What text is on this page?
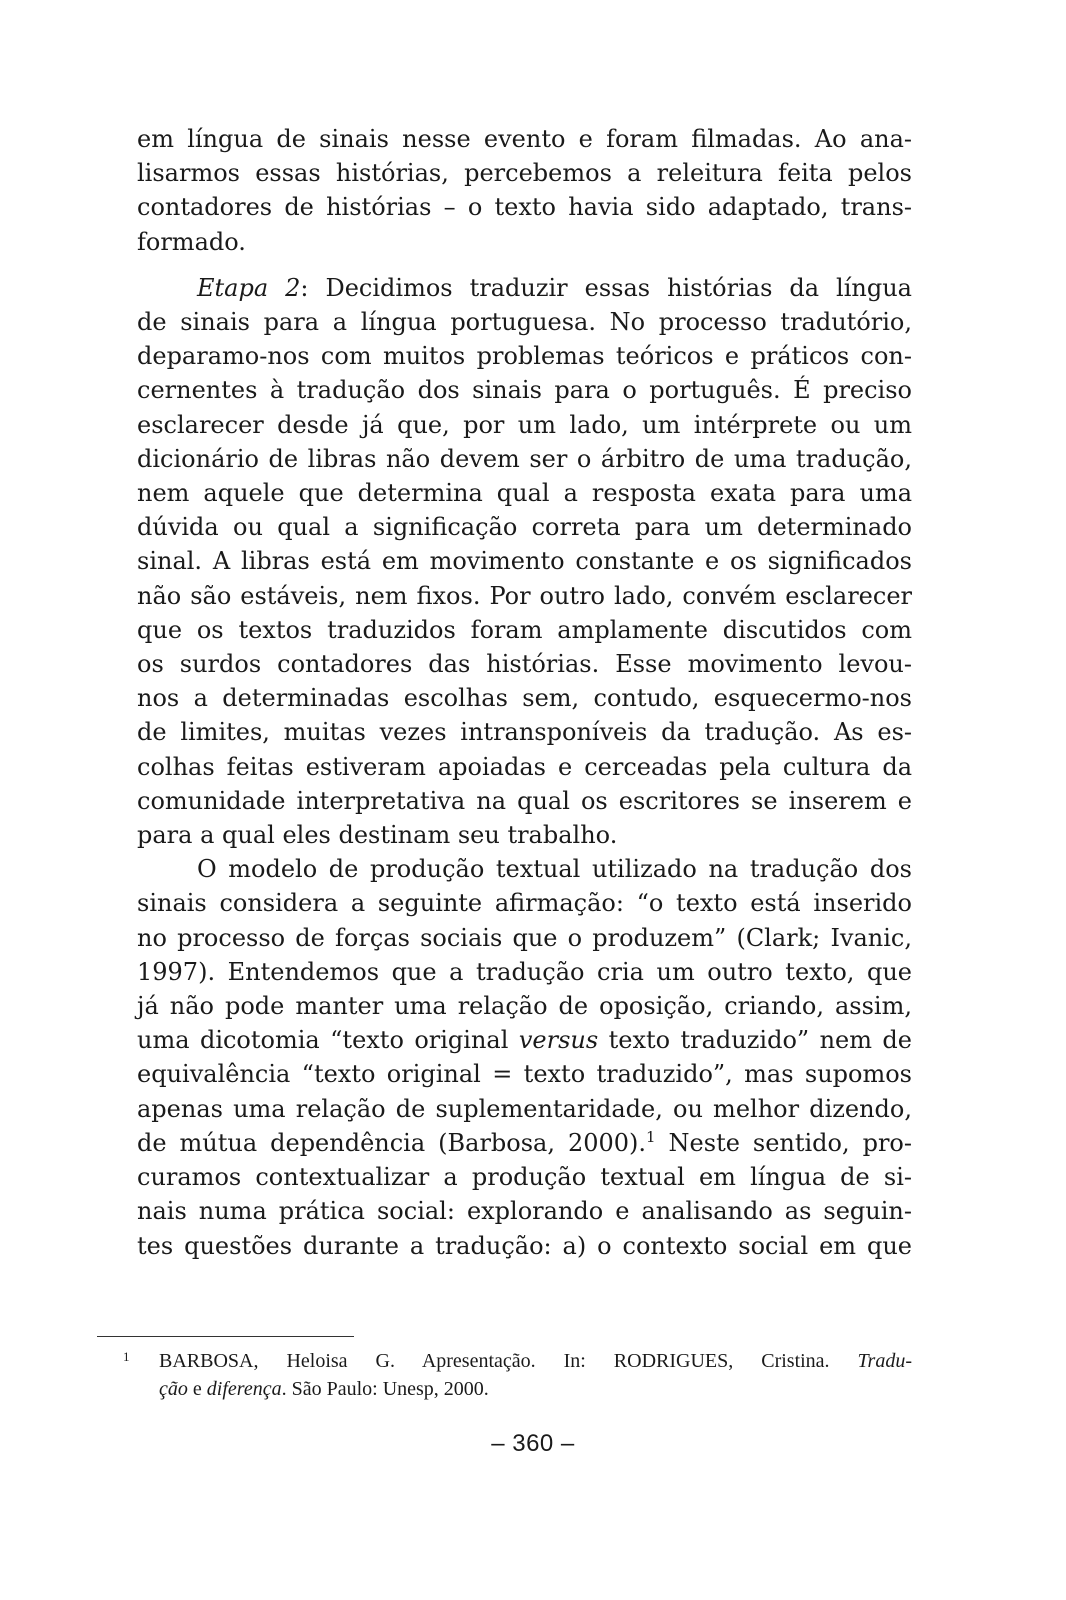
em língua de sinais nesse evento e foram filmadas. Ao ana-
lisarmos essas histórias, percebemos a releitura feita pelos
contadores de histórias – o texto havia sido adaptado, trans-
formado.

Etapa 2: Decidimos traduzir essas histórias da língua
de sinais para a língua portuguesa. No processo tradutório,
deparamo-nos com muitos problemas teóricos e práticos con-
cernentes à tradução dos sinais para o português. É preciso
esclarecer desde já que, por um lado, um intérprete ou um
dicionário de libras não devem ser o árbitro de uma tradução,
nem aquele que determina qual a resposta exata para uma
dúvida ou qual a significação correta para um determinado
sinal. A libras está em movimento constante e os significados
não são estáveis, nem fixos. Por outro lado, convém esclarecer
que os textos traduzidos foram amplamente discutidos com
os surdos contadores das histórias. Esse movimento levou-
nos a determinadas escolhas sem, contudo, esquecermo-nos
de limites, muitas vezes intransponíveis da tradução. As es-
colhas feitas estiveram apoiadas e cerceadas pela cultura da
comunidade interpretativa na qual os escritores se inserem e
para a qual eles destinam seu trabalho.

O modelo de produção textual utilizado na tradução dos
sinais considera a seguinte afirmação: “o texto está inserido
no processo de forças sociais que o produzem” (Clark; Ivanic,
1997). Entendemos que a tradução cria um outro texto, que
já não pode manter uma relação de oposição, criando, assim,
uma dicotomia “texto original versus texto traduzido” nem de
equivalência “texto original = texto traduzido”, mas supomos
apenas uma relação de suplementaridade, ou melhor dizendo,
de mútua dependência (Barbosa, 2000).$^1$ Neste sentido, pro-
curamos contextualizar a produção textual em língua de si-
nais numa prática social: explorando e analisando as seguin-
tes questões durante a tradução: a) o contexto social em que

1	BARBOSA, Heloisa G. Apresentação. In: RODRIGUES, Cristina. Tradu-
ção e diferença. São Paulo: Unesp, 2000.
– 360 –
